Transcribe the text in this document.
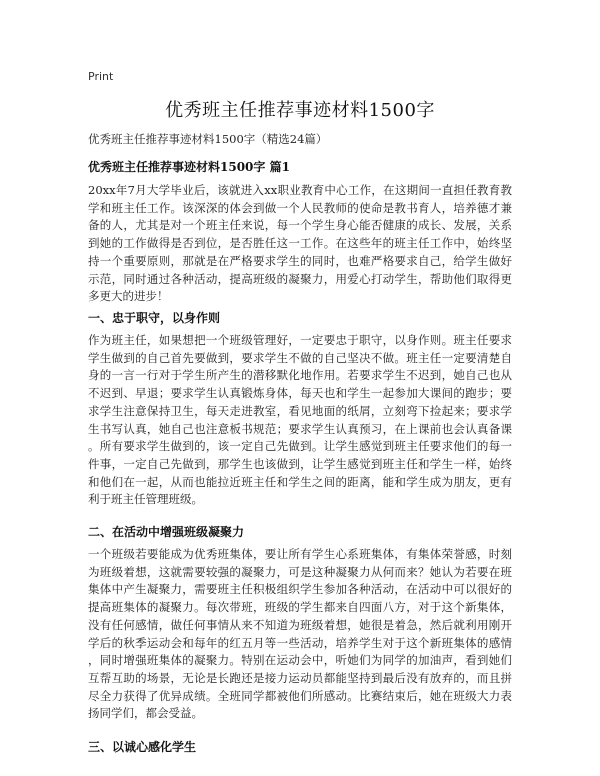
Print
优秀班主任推荐事迹材料1500字
优秀班主任推荐事迹材料1500字（精选24篇）
优秀班主任推荐事迹材料1500字 篇1
20xx年7月大学毕业后，该就进入xx职业教育中心工作，在这期间一直担任教育教
学和班主任工作。该深深的体会到做一个人民教师的使命是教书育人，培养德才兼
备的人，尤其是对一个班主任来说，每一个学生身心能否健康的成长、发展，关系
到她的工作做得是否到位，是否胜任这一工作。在这些年的班主任工作中，始终坚
持一个重要原则，那就是在严格要求学生的同时，也难严格要求自己，给学生做好
示范，同时通过各种活动，提高班级的凝聚力，用爱心打动学生，帮助他们取得更
多更大的进步！
一、忠于职守，以身作则
作为班主任，如果想把一个班级管理好，一定要忠于职守，以身作则。班主任要求
学生做到的自己首先要做到，要求学生不做的自己坚决不做。班主任一定要清楚自
身的一言一行对于学生所产生的潜移默化地作用。若要求学生不迟到，她自己也从
不迟到、早退；要求学生认真锻炼身体，每天也和学生一起参加大课间的跑步；要
求学生注意保持卫生，每天走进教室，看见地面的纸屑，立刻弯下捡起来；要求学
生书写认真，她自己也注意板书规范；要求学生认真预习，在上课前也会认真备课
。所有要求学生做到的，该一定自己先做到。让学生感觉到班主任要求他们的每一
件事，一定自己先做到，那学生也该做到，让学生感觉到班主任和学生一样，始终
和他们在一起，从而也能拉近班主任和学生之间的距离，能和学生成为朋友，更有
利于班主任管理班级。
二、在活动中增强班级凝聚力
一个班级若要能成为优秀班集体，要让所有学生心系班集体，有集体荣誉感，时刻
为班级着想，这就需要较强的凝聚力，可是这种凝聚力从何而来？她认为若要在班
集体中产生凝聚力，需要班主任积极组织学生参加各种活动，在活动中可以很好的
提高班集体的凝聚力。每次带班，班级的学生都来自四面八方，对于这个新集体，
没有任何感情，做任何事情从来不知道为班级着想，她很是着急，然后就利用刚开
学后的秋季运动会和每年的红五月等一些活动，培养学生对于这个新班集体的感情
，同时增强班集体的凝聚力。特别在运动会中，听她们为同学的加油声，看到她们
互帮互助的场景，无论是长跑还是接力运动员都能坚持到最后没有放弃的，而且拼
尽全力获得了优异成绩。全班同学都被他们所感动。比赛结束后，她在班级大力表
扬同学们，都会受益。
三、以诚心感化学生
